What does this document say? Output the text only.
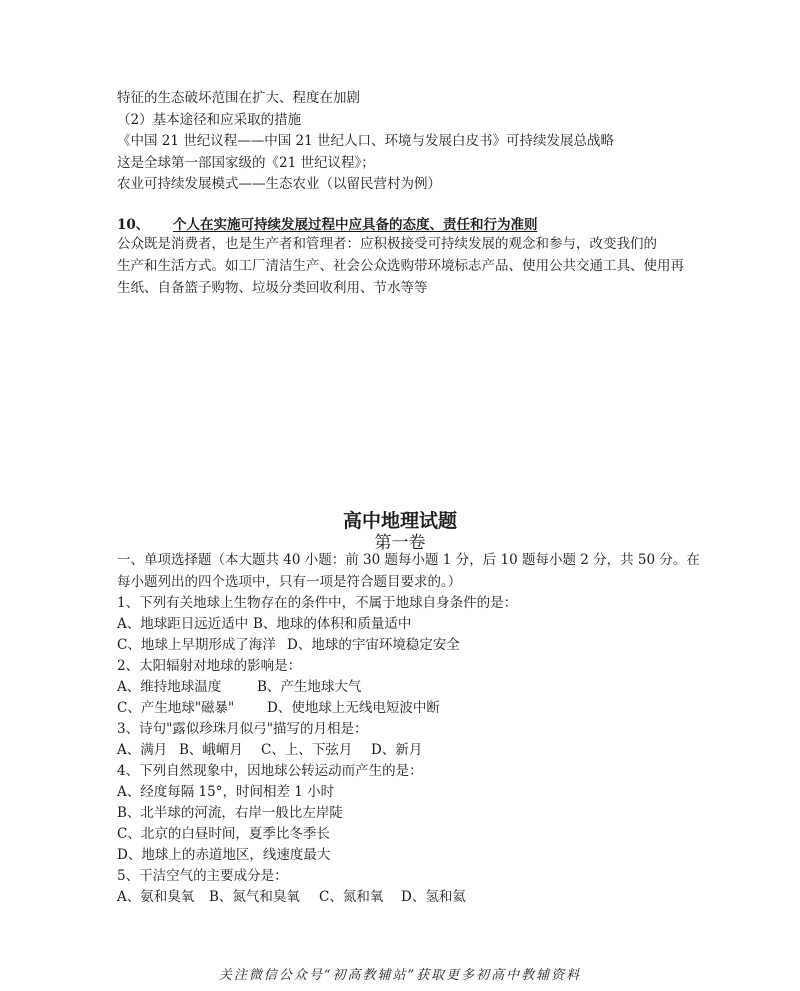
特征的生态破坏范围在扩大、程度在加剧
（2）基本途径和应采取的措施
《中国 21 世纪议程——中国 21 世纪人口、环境与发展白皮书》可持续发展总战略
这是全球第一部国家级的《21 世纪议程》；
农业可持续发展模式——生态农业（以留民营村为例）
10、 个人在实施可持续发展过程中应具备的态度、责任和行为准则
公众既是消费者，也是生产者和管理者：应积极接受可持续发展的观念和参与，改变我们的
生产和生活方式。如工厂清洁生产、社会公众选购带环境标志产品、使用公共交通工具、使用再
生纸、自备篮子购物、垃圾分类回收利用、节水等等
高中地理试题
第一卷
一、单项选择题（本大题共 40 小题：前 30 题每小题 1 分，后 10 题每小题 2 分，共 50 分。在
每小题列出的四个选项中，只有一项是符合题目要求的。）
1、下列有关地球上生物存在的条件中，不属于地球自身条件的是：
A、地球距日远近适中 B、地球的体积和质量适中
C、地球上早期形成了海洋 D、地球的宇宙环境稳定安全
2、太阳辐射对地球的影响是：
A、维持地球温度	B、产生地球大气
C、产生地球"磁暴" D、使地球上无线电短波中断
3、诗句"露似珍珠月似弓"描写的月相是：
A、满月 B、峨嵋月 C、上、下弦月 D、新月
4、下列自然现象中，因地球公转运动而产生的是：
A、经度每隔 15°，时间相差 1 小时
B、北半球的河流，右岸一般比左岸陡
C、北京的白昼时间，夏季比冬季长
D、地球上的赤道地区，线速度最大
5、干洁空气的主要成分是：
A、氨和臭氧 B、氮气和臭氧 C、氮和氧 D、氢和氦
关注微信公众号“初高教辅站”获取更多初高中教辅资料
